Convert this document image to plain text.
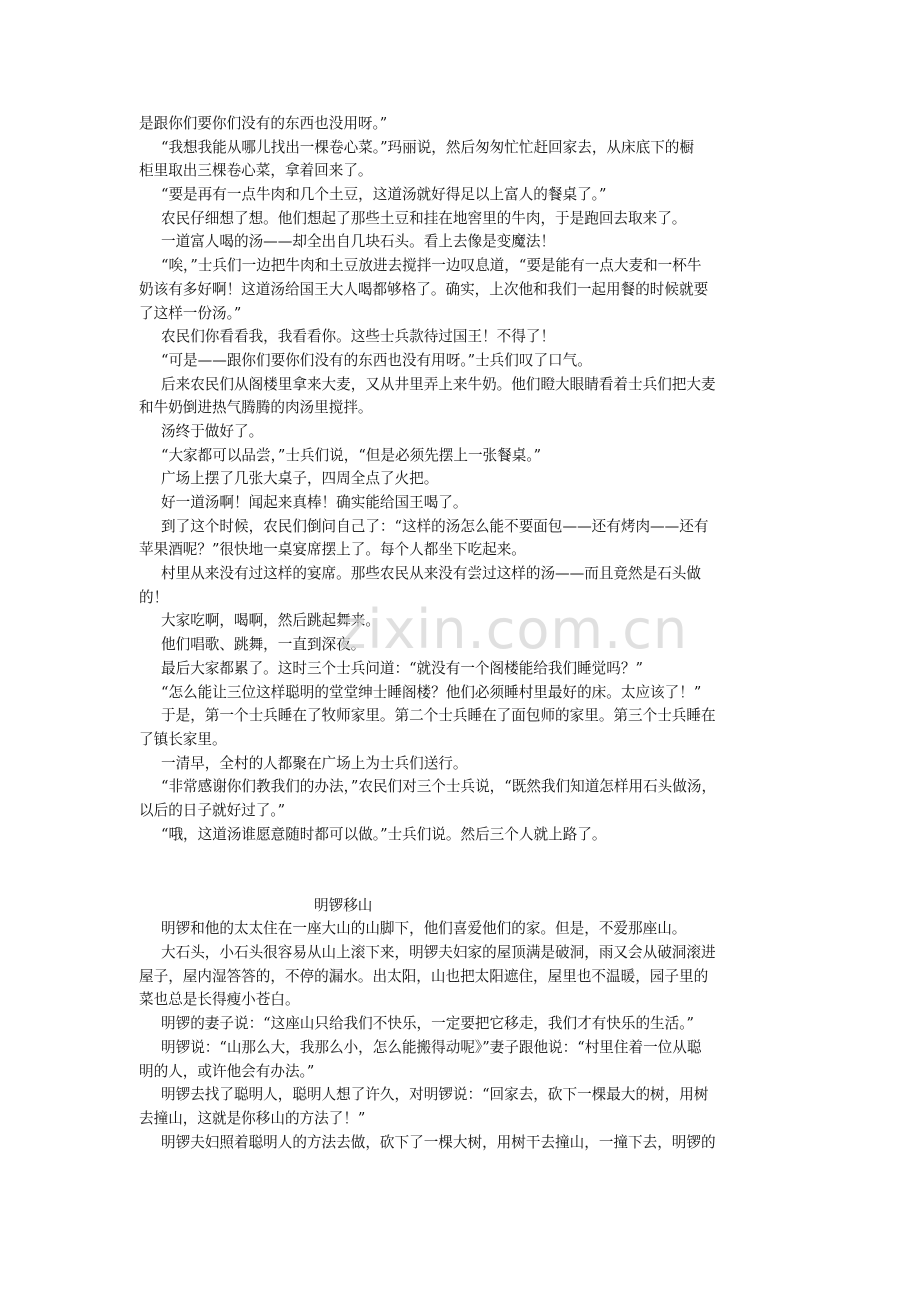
是跟你们要你们没有的东西也没用呀。”
“我想我能从哪儿找出一棵卷心菜。”玛丽说，然后匆匆忙忙赶回家去，从床底下的橱
柜里取出三棵卷心菜，拿着回来了。
“要是再有一点牛肉和几个土豆，这道汤就好得足以上富人的餐桌了。”
农民仔细想了想。他们想起了那些土豆和挂在地窖里的牛肉，于是跑回去取来了。
一道富人喝的汤——却全出自几块石头。看上去像是变魔法！
“唉，”士兵们一边把牛肉和土豆放进去搅拌一边叹息道，“要是能有一点大麦和一杯牛
奶该有多好啊！这道汤给国王大人喝都够格了。确实，上次他和我们一起用餐的时候就要
了这样一份汤。”
农民们你看看我，我看看你。这些士兵款待过国王！不得了！
“可是——跟你们要你们没有的东西也没有用呀。”士兵们叹了口气。
后来农民们从阁楼里拿来大麦，又从井里弄上来牛奶。他们瞪大眼睛看着士兵们把大麦
和牛奶倒进热气腾腾的肉汤里搅拌。
汤终于做好了。
“大家都可以品尝，”士兵们说，“但是必须先摆上一张餐桌。”
广场上摆了几张大桌子，四周全点了火把。
好一道汤啊！闻起来真棒！确实能给国王喝了。
到了这个时候，农民们倒问自己了：“这样的汤怎么能不要面包——还有烤肉——还有
苹果酒呢？”很快地一桌宴席摆上了。每个人都坐下吃起来。
村里从来没有过这样的宴席。那些农民从来没有尝过这样的汤——而且竟然是石头做
的！
大家吃啊，喝啊，然后跳起舞来。
他们唱歌、跳舞，一直到深夜。
最后大家都累了。这时三个士兵问道：“就没有一个阁楼能给我们睡觉吗？”
“怎么能让三位这样聪明的堂堂绅士睡阁楼？他们必须睡村里最好的床。太应该了！”
于是，第一个士兵睡在了牧师家里。第二个士兵睡在了面包师的家里。第三个士兵睡在
了镇长家里。
一清早，全村的人都聚在广场上为士兵们送行。
“非常感谢你们教我们的办法，”农民们对三个士兵说，“既然我们知道怎样用石头做汤，
以后的日子就好过了。”
“哦，这道汤谁愿意随时都可以做。”士兵们说。然后三个人就上路了。
明锣移山
明锣和他的太太住在一座大山的山脚下，他们喜爱他们的家。但是，不爱那座山。
大石头，小石头很容易从山上滚下来，明锣夫妇家的屋顶满是破洞，雨又会从破洞滚进
屋子，屋内湿答答的，不停的漏水。出太阳，山也把太阳遮住，屋里也不温暖，园子里的
菜也总是长得瘦小苍白。
明锣的妻子说：“这座山只给我们不快乐，一定要把它移走，我们才有快乐的生活。”
明锣说：“山那么大，我那么小，怎么能搬得动呢》”妻子跟他说：“村里住着一位从聪
明的人，或许他会有办法。”
明锣去找了聪明人，聪明人想了许久，对明锣说：“回家去，砍下一棵最大的树，用树
去撞山，这就是你移山的方法了！”
明锣夫妇照着聪明人的方法去做，砍下了一棵大树，用树干去撞山，一撞下去，明锣的
zixin.com.cn
